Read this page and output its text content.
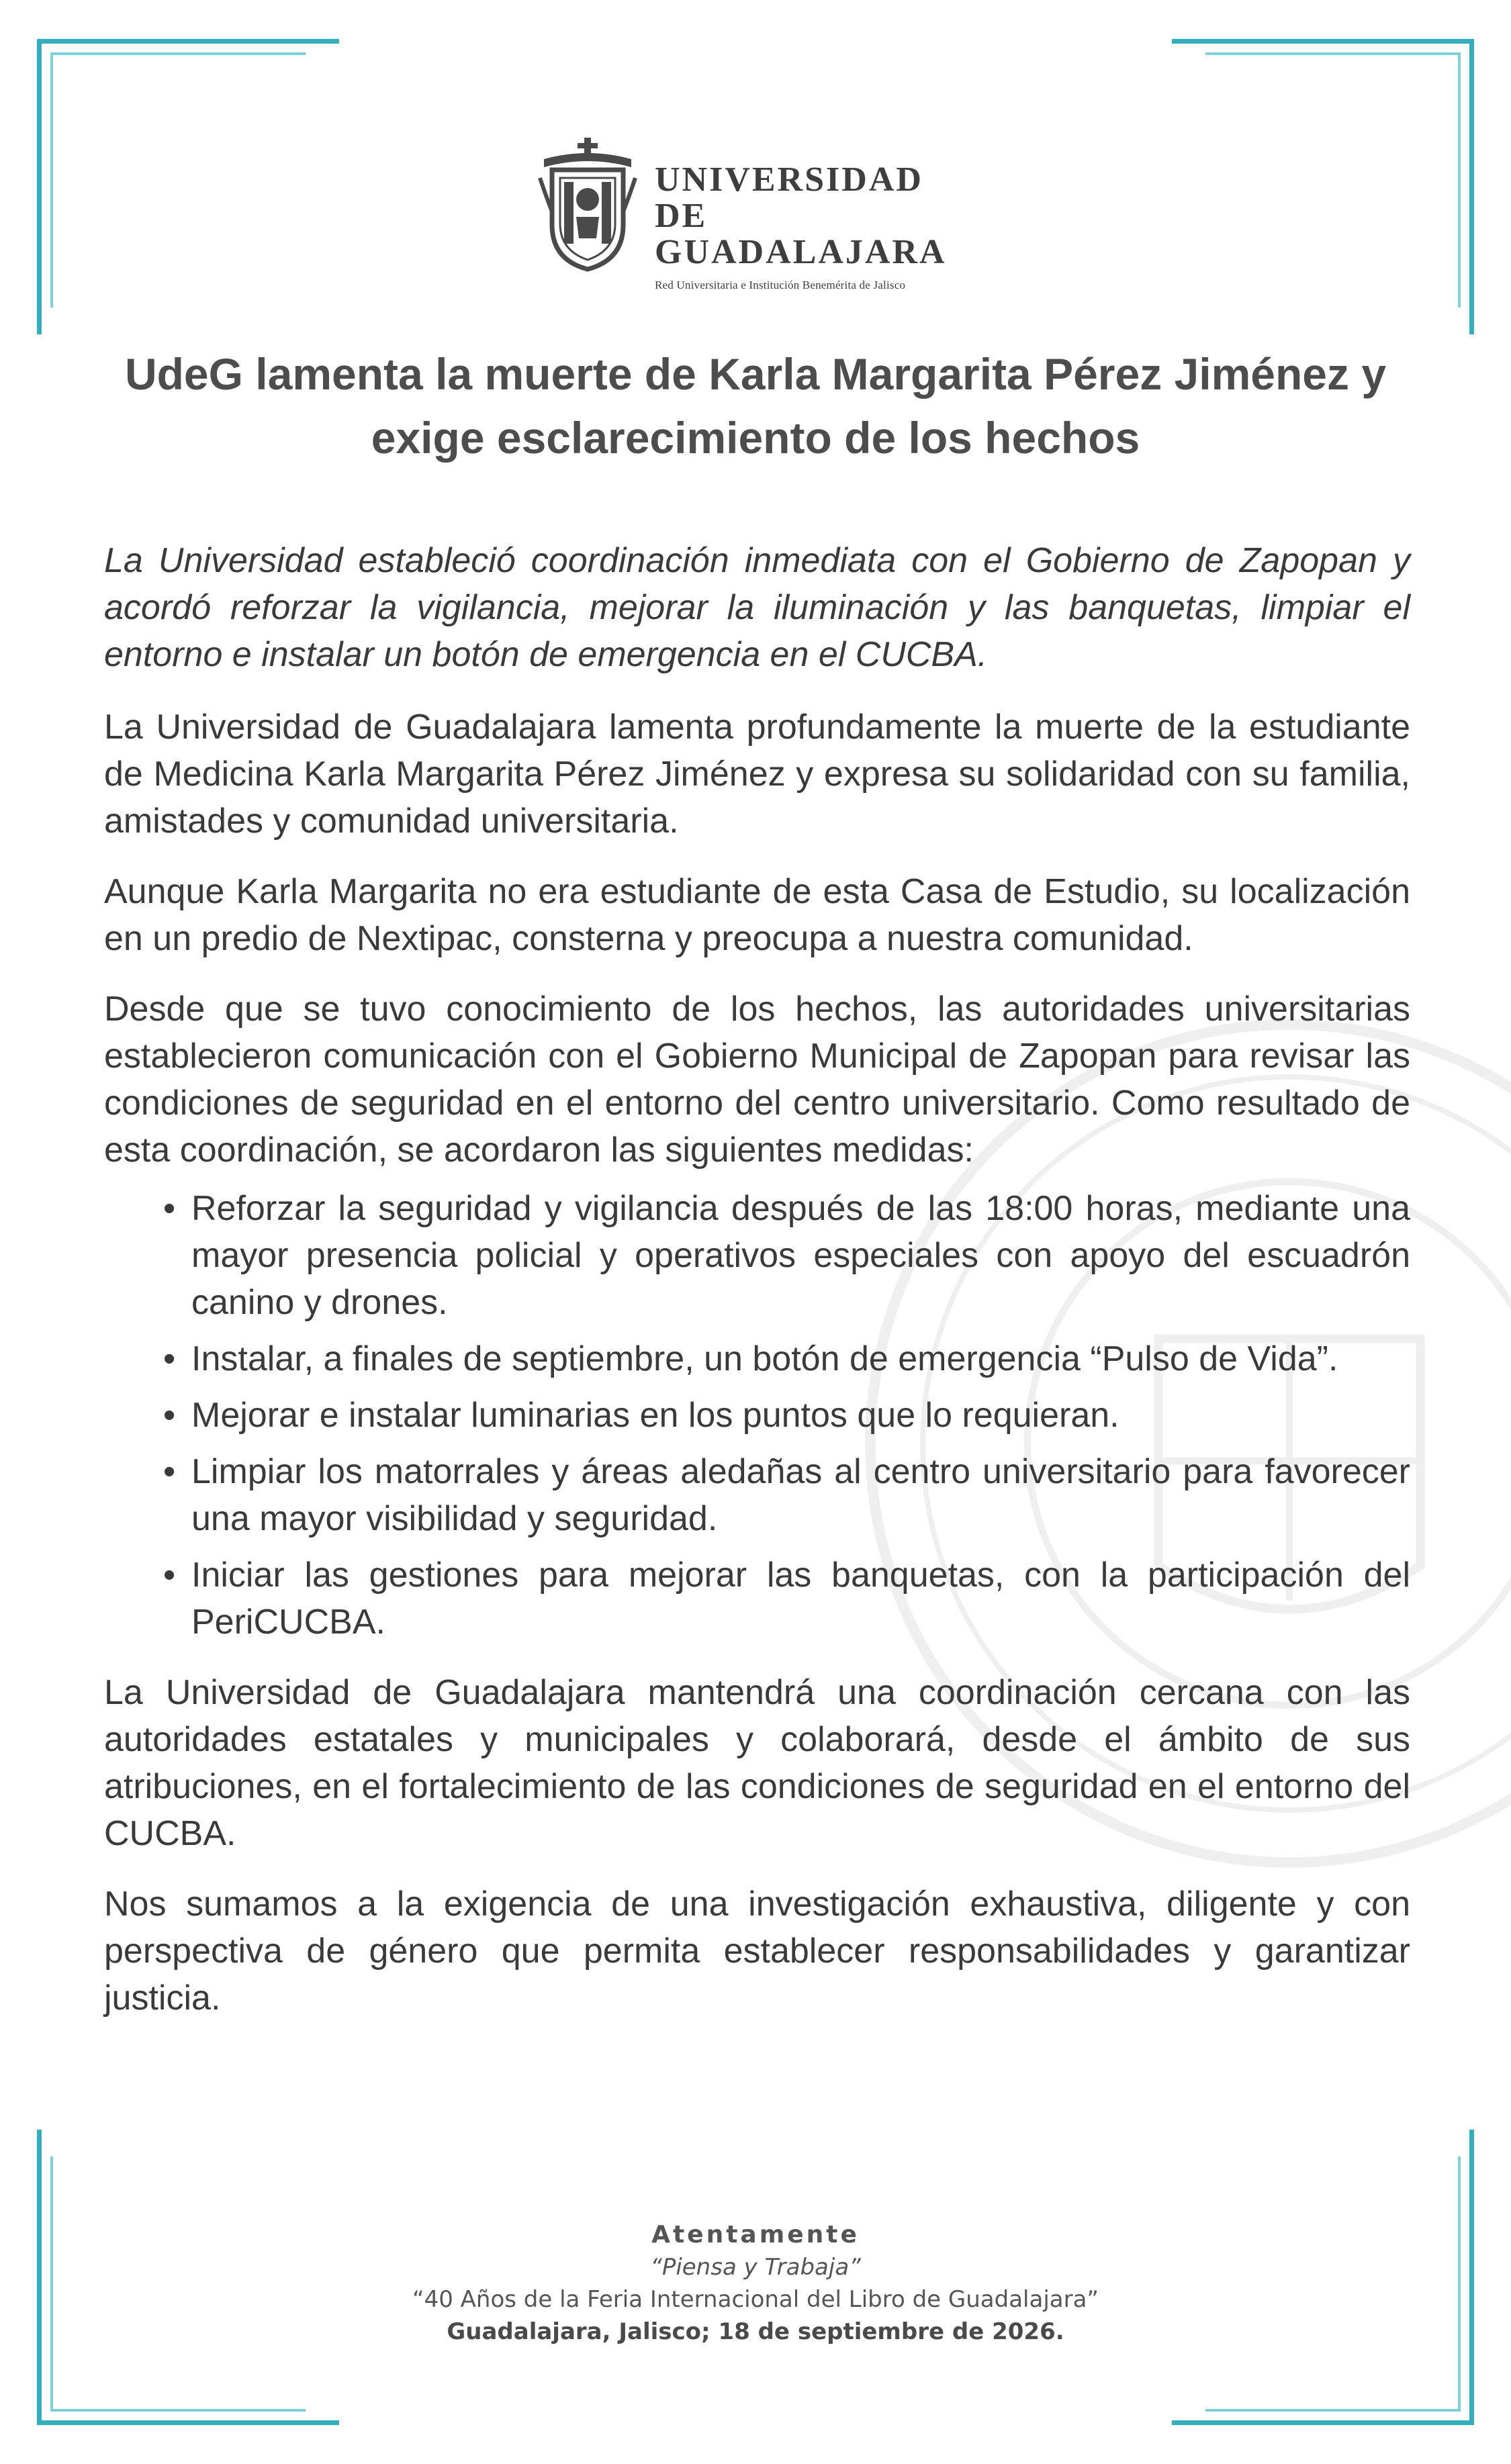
UNIVERSIDAD DE
GUADALAJARA
Red Universitaria e Institución Benemérita de Jalisco
UdeG lamenta la muerte de Karla Margarita Pérez Jiménez y exige esclarecimiento de los hechos

La Universidad estableció coordinación inmediata con el Gobierno de Zapopan y acordó reforzar la vigilancia, mejorar la iluminación y las banquetas, limpiar el entorno e instalar un botón de emergencia en el CUCBA.

La Universidad de Guadalajara lamenta profundamente la muerte de la estudiante de Medicina Karla Margarita Pérez Jiménez y expresa su solidaridad con su familia, amistades y comunidad universitaria.

Aunque Karla Margarita no era estudiante de esta Casa de Estudio, su localización en un predio de Nextipac, consterna y preocupa a nuestra comunidad.

Desde que se tuvo conocimiento de los hechos, las autoridades universitarias establecieron comunicación con el Gobierno Municipal de Zapopan para revisar las condiciones de seguridad en el entorno del centro universitario. Como resultado de esta coordinación, se acordaron las siguientes medidas:

• Reforzar la seguridad y vigilancia después de las 18:00 horas, mediante una mayor presencia policial y operativos especiales con apoyo del escuadrón canino y drones.
• Instalar, a finales de septiembre, un botón de emergencia “Pulso de Vida”.
• Mejorar e instalar luminarias en los puntos que lo requieran.
• Limpiar los matorrales y áreas aledañas al centro universitario para favorecer una mayor visibilidad y seguridad.
• Iniciar las gestiones para mejorar las banquetas, con la participación del PeriCUCBA.

La Universidad de Guadalajara mantendrá una coordinación cercana con las autoridades estatales y municipales y colaborará, desde el ámbito de sus atribuciones, en el fortalecimiento de las condiciones de seguridad en el entorno del CUCBA.

Nos sumamos a la exigencia de una investigación exhaustiva, diligente y con perspectiva de género que permita establecer responsabilidades y garantizar justicia.

Atentamente
“Piensa y Trabaja”
“40 Años de la Feria Internacional del Libro de Guadalajara”
Guadalajara, Jalisco; 18 de septiembre de 2026.
